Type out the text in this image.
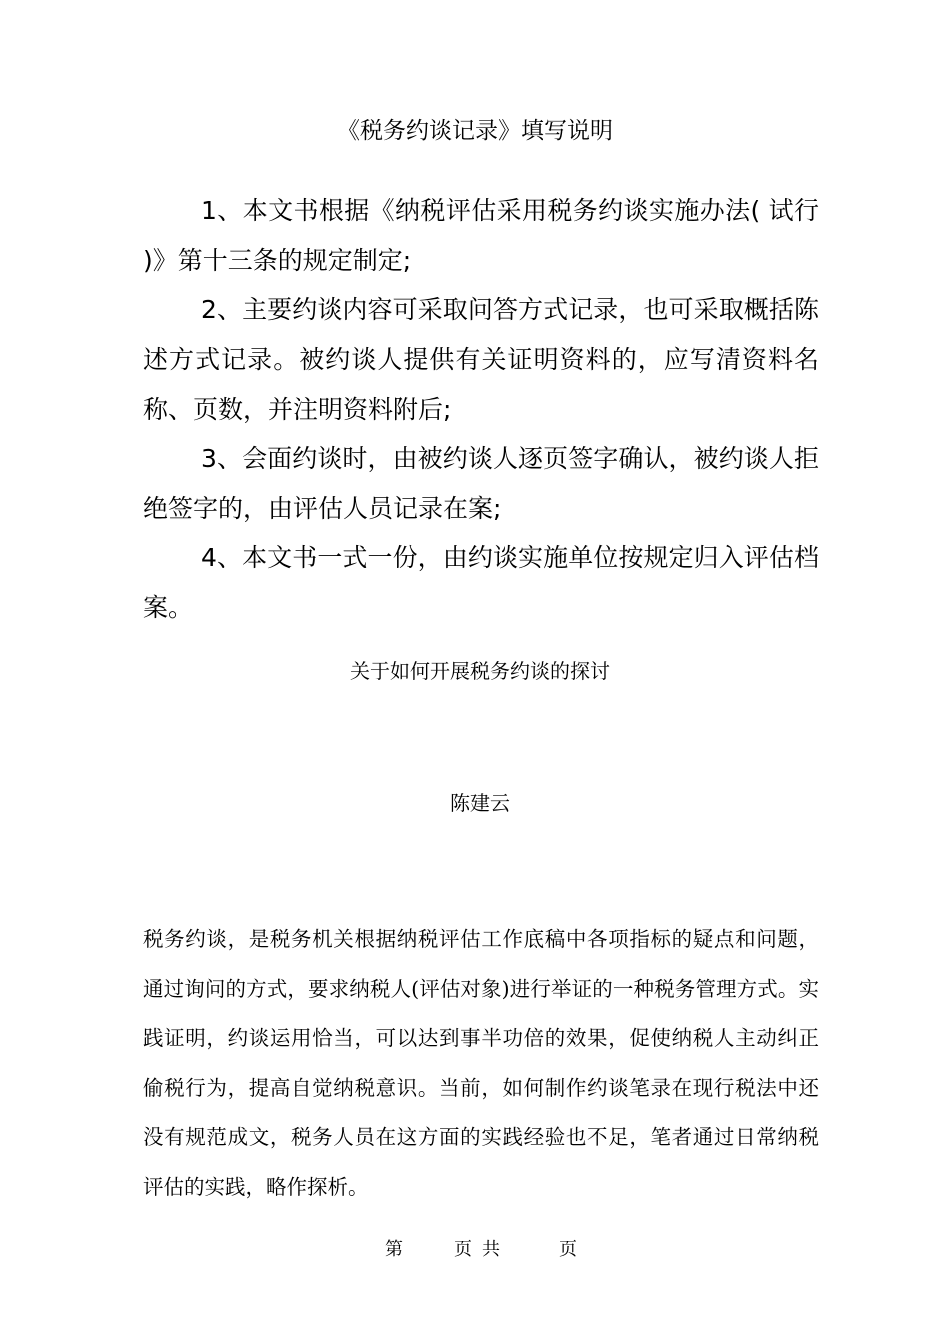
《税务约谈记录》填写说明

1、本文书根据《纳税评估采用税务约谈实施办法( 试行 )》第十三条的规定制定;

2、主要约谈内容可采取问答方式记录，也可采取概括陈述方式记录。被约谈人提供有关证明资料的，应写清资料名称、页数，并注明资料附后;

3、会面约谈时，由被约谈人逐页签字确认，被约谈人拒绝签字的，由评估人员记录在案;

4、本文书一式一份，由约谈实施单位按规定归入评估档案。

关于如何开展税务约谈的探讨
陈建云

税务约谈，是税务机关根据纳税评估工作底稿中各项指标的疑点和问题，通过询问的方式，要求纳税人(评估对象)进行举证的一种税务管理方式。实践证明，约谈运用恰当，可以达到事半功倍的效果，促使纳税人主动纠正偷税行为，提高自觉纳税意识。当前，如何制作约谈笔录在现行税法中还没有规范成文，税务人员在这方面的实践经验也不足，笔者通过日常纳税评估的实践，略作探析。

第	页 共	页
